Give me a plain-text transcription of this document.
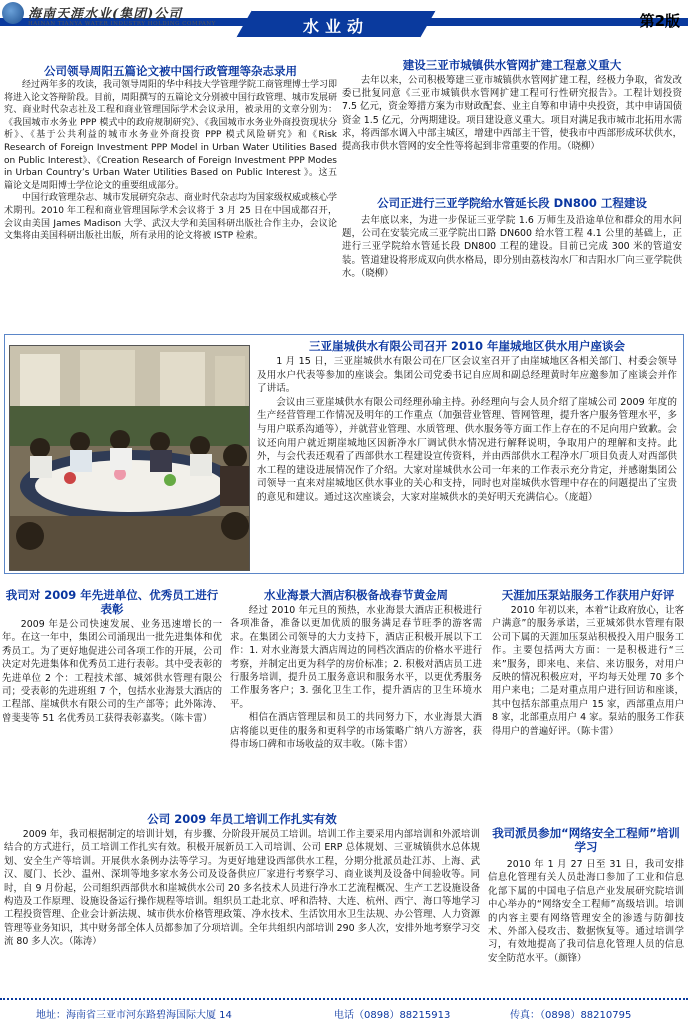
海南天涯水业(集团)公司
HAINAN TIANYA WATER INDUSTRY HOLDING COMPANY	水业动	第2版
公司领导周阳五篇论文被中国行政管理等杂志录用

经过两年多的攻读，我司领导周阳的华中科技大学管理学院工商管理博士学习即将进入论文答辩阶段。目前，周阳撰写的五篇论文分别被中国行政管理、城市发展研究、商业时代杂志社及工程和商业管理国际学术会议录用，被录用的文章分别为：《我国城市水务业 PPP 模式中的政府规制研究》、《我国城市水务业外商投资现状分析》、《基于公共利益的城市水务业外商投资 PPP 模式风险研究》和《Risk Research of Foreign Investment PPP Model in Urban Water Utilities Based on Public Interest》、《Creation Research of Foreign Investment PPP Modes in Urban Country’s Urban Water Utilities Based on Public Interest 》。这五篇论文是周阳博士学位论文的重要组成部分。

中国行政管理杂志、城市发展研究杂志、商业时代杂志均为国家级权威或核心学术期刊。2010 年工程和商业管理国际学术会议将于 3 月 25 日在中国成都召开，会议由美国 James Madison 大学、武汉大学和美国科研出版社合作主办，会议论文集将由美国科研出版社出版，所有录用的论文将被 ISTP 检索。

建设三亚市城镇供水管网扩建工程意义重大

去年以来，公司积极筹建三亚市城镇供水管网扩建工程，经极力争取，省发改委已批复同意《三亚市城镇供水管网扩建工程可行性研究报告》。工程计划投资 7.5 亿元，资金筹措方案为市财政配套、业主自筹和申请中央投资，其中申请国债资金 1.5 亿元，分两期建设。项目建设意义重大。项目对满足我市城市北拓用水需求，将西部水调入中部主城区，增建中西部主干管，使我市中西部形成环状供水，提高我市供水管网的安全性等将起到非常重要的作用。（晓柳）

公司正进行三亚学院给水管延长段 DN800 工程建设

去年底以来，为进一步保证三亚学院 1.6 万师生及沿途单位和群众的用水问题，公司在安装完成三亚学院出口路 DN600 给水管工程 4.1 公里的基础上，正进行三亚学院给水管延长段 DN800 工程的建设。目前已完成 300 米的管道安装。管道建设将形成双向供水格局，即分别由荔枝沟水厂和吉阳水厂向三亚学院供水。（晓柳）

三亚崖城供水有限公司召开 2010 年崖城地区供水用户座谈会

1 月 15 日，三亚崖城供水有限公司在厂区会议室召开了由崖城地区各相关部门、村委会领导及用水户代表等参加的座谈会。集团公司党委书记自应周和副总经理黄时年应邀参加了座谈会并作了讲话。

会议由三亚崖城供水有限公司经理孙瑜主持。孙经理向与会人员介绍了崖城公司 2009 年度的生产经营管理工作情况及明年的工作重点（加强营业管理、管网管理，提升客户服务管理水平，多与用户联系沟通等），并就营业管理、水质管理、供水服务等方面工作上存在的不足向用户致歉。会议还向用户就近期崖城地区因新净水厂调试供水情况进行解释说明，争取用户的理解和支持。此外，与会代表还观看了西部供水工程建设宣传资料，并由西部供水工程净水厂项目负责人对西部供水工程的建设进展情况作了介绍。大家对崖城供水公司一年来的工作表示充分肯定，并感谢集团公司领导一直来对崖城地区供水事业的关心和支持，同时也对崖城供水管理中存在的问题提出了宝贵的意见和建议。通过这次座谈会，大家对崖城供水的美好明天充满信心。（庞超）

我司对 2009 年先进单位、优秀员工进行表彰

2009 年是公司快速发展、业务迅速增长的一年。在这一年中，集团公司涌现出一批先进集体和优秀员工。为了更好地促进公司各项工作的开展，公司决定对先进集体和优秀员工进行表彰。其中受表彰的先进单位 2 个：工程技术部、城郊供水管理有限公司；受表彰的先进班组 7 个，包括水业海景大酒店的工程部、崖城供水有限公司的生产部等；此外陈涛、曾斐斐等 51 名优秀员工获得表彰嘉奖。（陈卡雷）

水业海景大酒店积极备战春节黄金周

经过 2010 年元旦的预热，水业海景大酒店正积极进行各项准备，准备以更加优质的服务满足春节旺季的游客需求。在集团公司领导的大力支持下，酒店正积极开展以下工作：1. 对水业海景大酒店周边的同档次酒店的价格水平进行考察，并制定出更为科学的房价标准；2. 积极对酒店员工进行服务培训，提升员工服务意识和服务水平，以更优秀服务工作服务客户；3. 强化卫生工作，提升酒店的卫生环境水平。

相信在酒店管理层和员工的共同努力下，水业海景大酒店将能以更佳的服务和更科学的市场策略广纳八方游客，获得市场口碑和市场收益的双丰收。（陈卡雷）

天涯加压泵站服务工作获用户好评

2010 年初以来，本着“让政府放心，让客户满意”的服务承诺，三亚城郊供水管理有限公司下属的天涯加压泵站积极投入用户服务工作。主要包括两大方面：一是积极进行“三来”服务，即来电、来信、来访服务，对用户反映的情况积极应对，平均每天处理 70 多个用户来电；二是对重点用户进行回访和座谈，其中包括东部重点用户 15 家，西部重点用户 8 家，北部重点用户 4 家。泵站的服务工作获得用户的普遍好评。（陈卡雷）

公司 2009 年员工培训工作扎实有效

2009 年，我司根据制定的培训计划，有步骤、分阶段开展员工培训。培训工作主要采用内部培训和外派培训结合的方式进行，员工培训工作扎实有效。积极开展新员工入司培训、公司 ERP 总体规划、三亚城镇供水总体规划、安全生产等培训。开展供水条例办法等学习。为更好地建设西部供水工程，分期分批派员赴江苏、上海、武汉、厦门、长沙、温州、深圳等地多家水务公司及设备供应厂家进行考察学习、商业谈判及设备中间验收等。同时，自 9 月份起，公司组织西部供水和崖城供水公司 20 多名技术人员进行净水工艺流程概况、生产工艺设施设备构造及工作原理、设施设备运行操作规程等培训。组织员工赴北京、呼和浩特、大连、杭州、西宁、海口等地学习工程投资管理、企业会计新法规、城市供水价格管理政策、净水技术、生活饮用水卫生法规、办公管理、人力资源管理等业务知识，其中财务部全体人员都参加了分项培训。全年共组织内部培训 290 多人次，安排外地考察学习交流 80 多人次。（陈涛）

我司派员参加“网络安全工程师”培训学习

2010 年 1 月 27 日至 31 日，我司安排信息化管理有关人员赴海口参加了工业和信息化部下属的中国电子信息产业发展研究院培训中心举办的“网络安全工程师”高级培训。培训的内容主要有网络管理安全的渗透与防御技术、外部入侵攻击、数据恢复等。通过培训学习，有效地提高了我司信息化管理人员的信息安全防范水平。（颜锋）

地址：海南省三亚市河东路碧海国际大厦 14	电话（0898）88215913	传真：（0898）88210795
